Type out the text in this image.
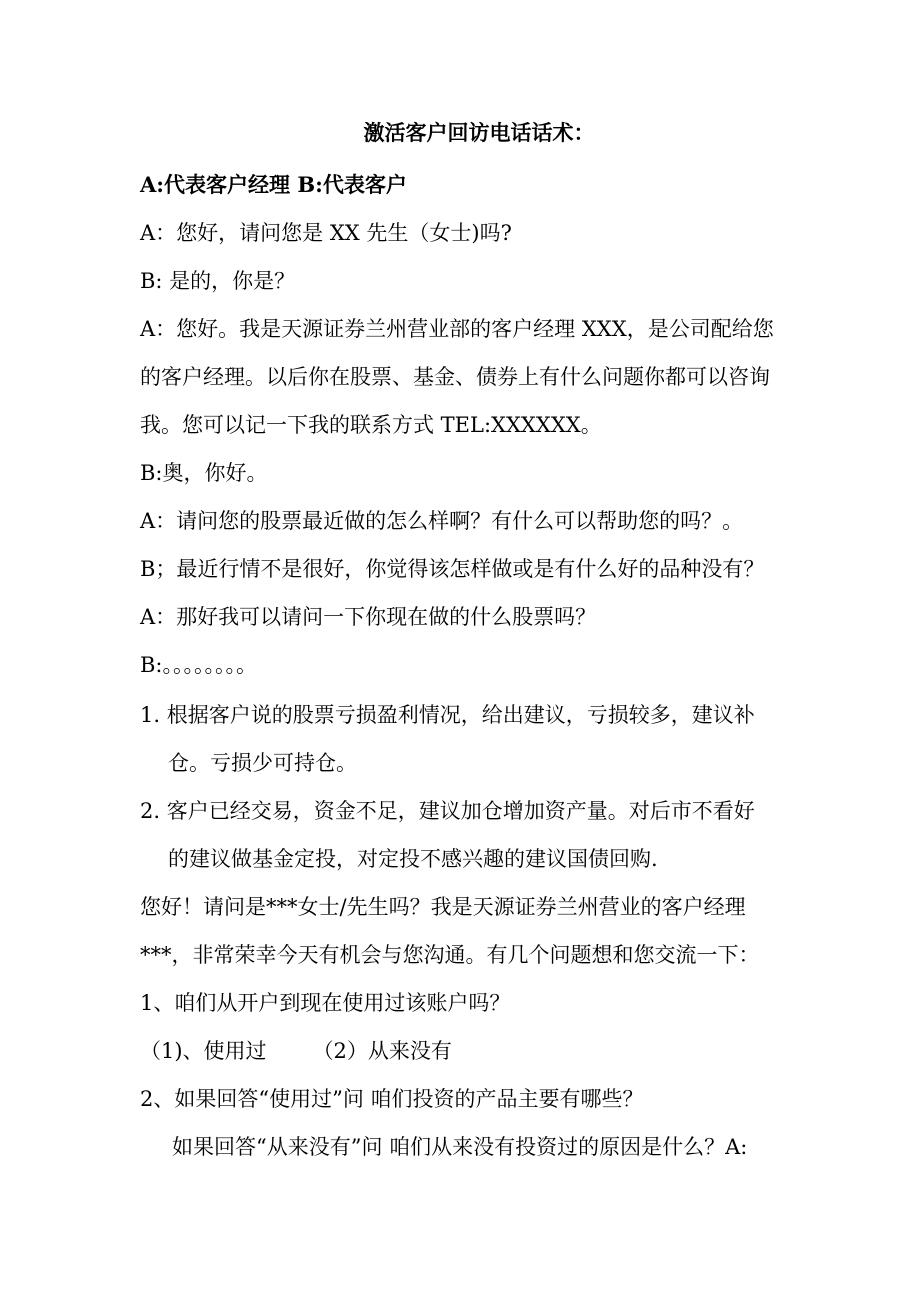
激活客户回访电话话术：
A:代表客户经理 B:代表客户
A：您好，请问您是 XX 先生（女士)吗?
B: 是的，你是？
A：您好。我是天源证券兰州营业部的客户经理 XXX，是公司配给您
的客户经理。以后你在股票、基金、债券上有什么问题你都可以咨询
我。您可以记一下我的联系方式 TEL:XXXXXX。
B:奥，你好。
A：请问您的股票最近做的怎么样啊？有什么可以帮助您的吗？。
B；最近行情不是很好，你觉得该怎样做或是有什么好的品种没有？
A：那好我可以请问一下你现在做的什么股票吗？
B:。。。。。。。。
1. 根据客户说的股票亏损盈利情况，给出建议，亏损较多，建议补
仓。亏损少可持仓。
2. 客户已经交易，资金不足，建议加仓增加资产量。对后市不看好
的建议做基金定投，对定投不感兴趣的建议国债回购.
您好！请问是***女士/先生吗？我是天源证券兰州营业的客户经理
***，非常荣幸今天有机会与您沟通。有几个问题想和您交流一下：
1、咱们从开户到现在使用过该账户吗？
（1)、使用过 （2）从来没有
2、如果回答“使用过”问 咱们投资的产品主要有哪些？
如果回答“从来没有”问 咱们从来没有投资过的原因是什么？A:
